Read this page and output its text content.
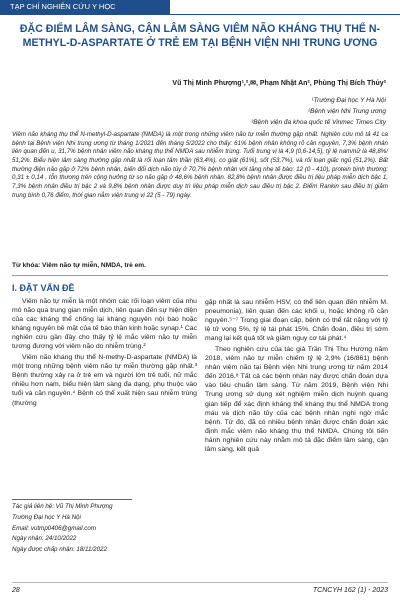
TẠP CHÍ NGHIÊN CỨU Y HỌC
ĐẶC ĐIỂM LÂM SÀNG, CẬN LÂM SÀNG VIÊM NÃO KHÁNG THỤ THỂ N-METHYL-D-ASPARTATE Ở TRẺ EM TẠI BỆNH VIỆN NHI TRUNG ƯƠNG
Vũ Thị Minh Phượng¹,²,✉, Phạm Nhật An², Phùng Thị Bích Thủy²
¹Trường Đại học Y Hà Nội
²Bệnh viện Nhi Trung ương
³Bệnh viện đa khoa quốc tế Vinmec Times City

Viêm não kháng thụ thể N-methyl-D-aspartate (NMDA) là một trong những viêm não tự miễn thường gặp nhất. Nghiên cứu mô tả 41 ca bệnh tại Bệnh viện Nhi trung ương từ tháng 1/2021 đến tháng 5/2022 cho thấy: 61% bệnh nhân không rõ căn nguyên, 7,3% bệnh nhân liên quan đến u, 31,7% bệnh nhân viêm não kháng thụ thể NMDA sau nhiễm trùng. Tuổi trung vị là 4,9 (0,6-14,5), tỷ lệ nam/nữ là 48,8%/ 51,2%. Biểu hiện lâm sàng thường gặp nhất là rối loạn tâm thần (63,4%), co giật (61%), sốt (53,7%), và rối loạn giấc ngủ (51,2%). Bất thường điện não gặp ở 72% bệnh nhân, biến đổi dịch não tủy ở 70,7% bệnh nhân với tăng nhẹ tế bào: 12 (0 - 410), protein bình thường: 0,31 ± 0,14 , tỗn thương trên cộng hưởng từ sọ não gặp ở 48,6% bệnh nhân. 82,8% bệnh nhân được điều trị liệu pháp miễn dịch bậc 1, 7,3% bệnh nhân điều trị bậc 2 và 9,8% bệnh nhân được duy trì liệu pháp miễn dịch sau điều trị bậc 2. Điểm Rankin sau điều trị giảm trung bình 0,76 điểm, thời gian nằm viện trung vị 22 (5 - 79) ngày.

Từ khóa: Viêm não tự miễn, NMDA, trẻ em.
I. ĐẶT VẤN ĐỀ

Viêm não tự miễn là một nhóm các rối loạn viêm của nhu mô não qua trung gian miễn dịch, liên quan đến sự hiện diện của các kháng thể chống lại kháng nguyên nội bào hoặc kháng nguyên bề mặt của tế bào thần kinh hoặc synap.¹ Các nghiên cứu gần đây cho thấy tỷ lệ mắc viêm não tự miễn tương đương với viêm não do nhiễm trùng.²

Viêm não kháng thụ thể N-methy-D-aspartate (NMDA) là một trong những bệnh viêm não tự miễn thường gặp nhất.³ Bệnh thường xảy ra ở trẻ em và người lớn trẻ tuổi, nữ mắc nhiều hơn nam, biểu hiện lâm sàng đa dạng, phụ thuộc vào tuổi và căn nguyên.⁴ Bệnh có thể xuất hiện sau nhiễm trùng (thường

gặp nhất là sau nhiễm HSV, có thể liên quan đến nhiễm M. pneumonia), liên quan đến các khối u, hoặc không rõ căn nguyên.⁵⁻⁷ Trong giai đoạn cấp, bệnh có thể rất nặng với tỷ lệ tử vong 5%, tỷ lệ tái phát 15%. Chẩn đoán, điều trị sớm mang lại kết quả tốt và giảm nguy cơ tái phát.⁴

Theo nghiên cứu của tác giả Trần Thị Thu Hương năm 2018, viêm não tự miễn chiếm tỷ lệ 2,9% (16/861) bệnh nhân viêm não tại Bệnh viện Nhi trung ương từ năm 2014 đến 2016.⁸ Tất cả các bệnh nhân này được chẩn đoán dựa vào tiêu chuẩn lâm sàng. Từ năm 2019, Bệnh viện Nhi Trung ương sử dụng xét nghiệm miễn dịch huỳnh quang gián tiếp để xác định kháng thể kháng thụ thể NMDA trong máu và dịch não tủy của các bệnh nhân nghi ngờ mắc bệnh. Từ đó, đã có nhiều bệnh nhân được chẩn đoán xác định mắc viêm não kháng thụ thể NMDA. Chúng tôi tiến hành nghiên cứu này nhằm mô tả đặc điểm lâm sàng, cận lâm sàng, kết quả

Tác giả liên hệ: Vũ Thị Minh Phượng
Trường Đại học Y Hà Nội
Email: vutmp0406@gmail.com
Ngày nhận: 24/10/2022
Ngày được chấp nhận: 18/11/2022
28	TCNCYH 162 (1) - 2023
